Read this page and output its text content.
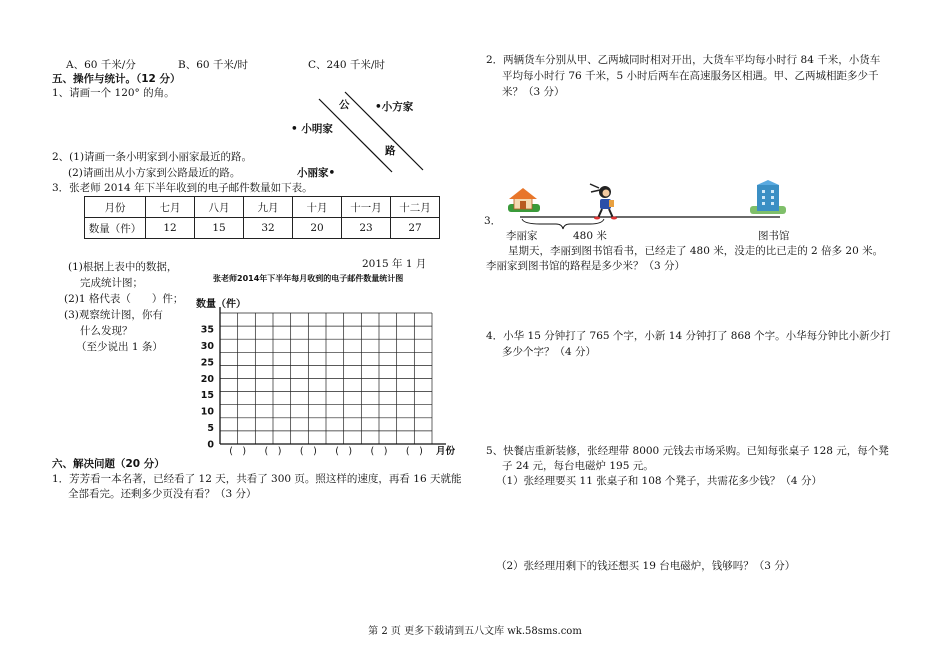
A、60 千米/分	B、60 千米/时	C、240 千米/时
五、操作与统计。（12 分）
1、请画一个 120° 的角。
公
路
•小方家
• 小明家
小丽家•
2、(1)请画一条小明家到小丽家最近的路。
(2)请画出从小方家到公路最近的路。
3．张老师 2014 年下半年收到的电子邮件数量如下表。
月份	七月	八月	九月	十月	十一月	十二月
数量（件）	12	15	32	20	23	27
2015 年 1 月
(1)根据上表中的数据，
完成统计图；
(2)1 格代表（　　）件；
(3)观察统计图，你有
什么发现？
（至少说出 1 条）
张老师2014年下半年每月收到的电子邮件数量统计图
数量（件）
35
30
25
20
15
10
5
0
(　) (　) (　) (　) (　) (　) 月份
六、解决问题（20 分）
1．芳芳看一本名著，已经看了 12 天，共看了 300 页。照这样的速度，再看 16 天就能
全部看完。还剩多少页没有看？（3 分）
2．两辆货车分别从甲、乙两城同时相对开出，大货车平均每小时行 84 千米，小货车
平均每小时行 76 千米，5 小时后两车在高速服务区相遇。甲、乙两城相距多少千
米？（3 分）
3．
李丽家	480 米	图书馆
星期天，李丽到图书馆看书，已经走了 480 米，没走的比已走的 2 倍多 20 米。
李丽家到图书馆的路程是多少米？（3 分）
4．小华 15 分钟打了 765 个字，小新 14 分钟打了 868 个字。小华每分钟比小新少打
多少个字？（4 分）
5、快餐店重新装修，张经理带 8000 元钱去市场采购。已知每张桌子 128 元，每个凳
子 24 元，每台电磁炉 195 元。
（1）张经理要买 11 张桌子和 108 个凳子，共需花多少钱？（4 分）
（2）张经理用剩下的钱还想买 19 台电磁炉，钱够吗？（3 分）
第 2 页 更多下载请到五八文库 wk.58sms.com
